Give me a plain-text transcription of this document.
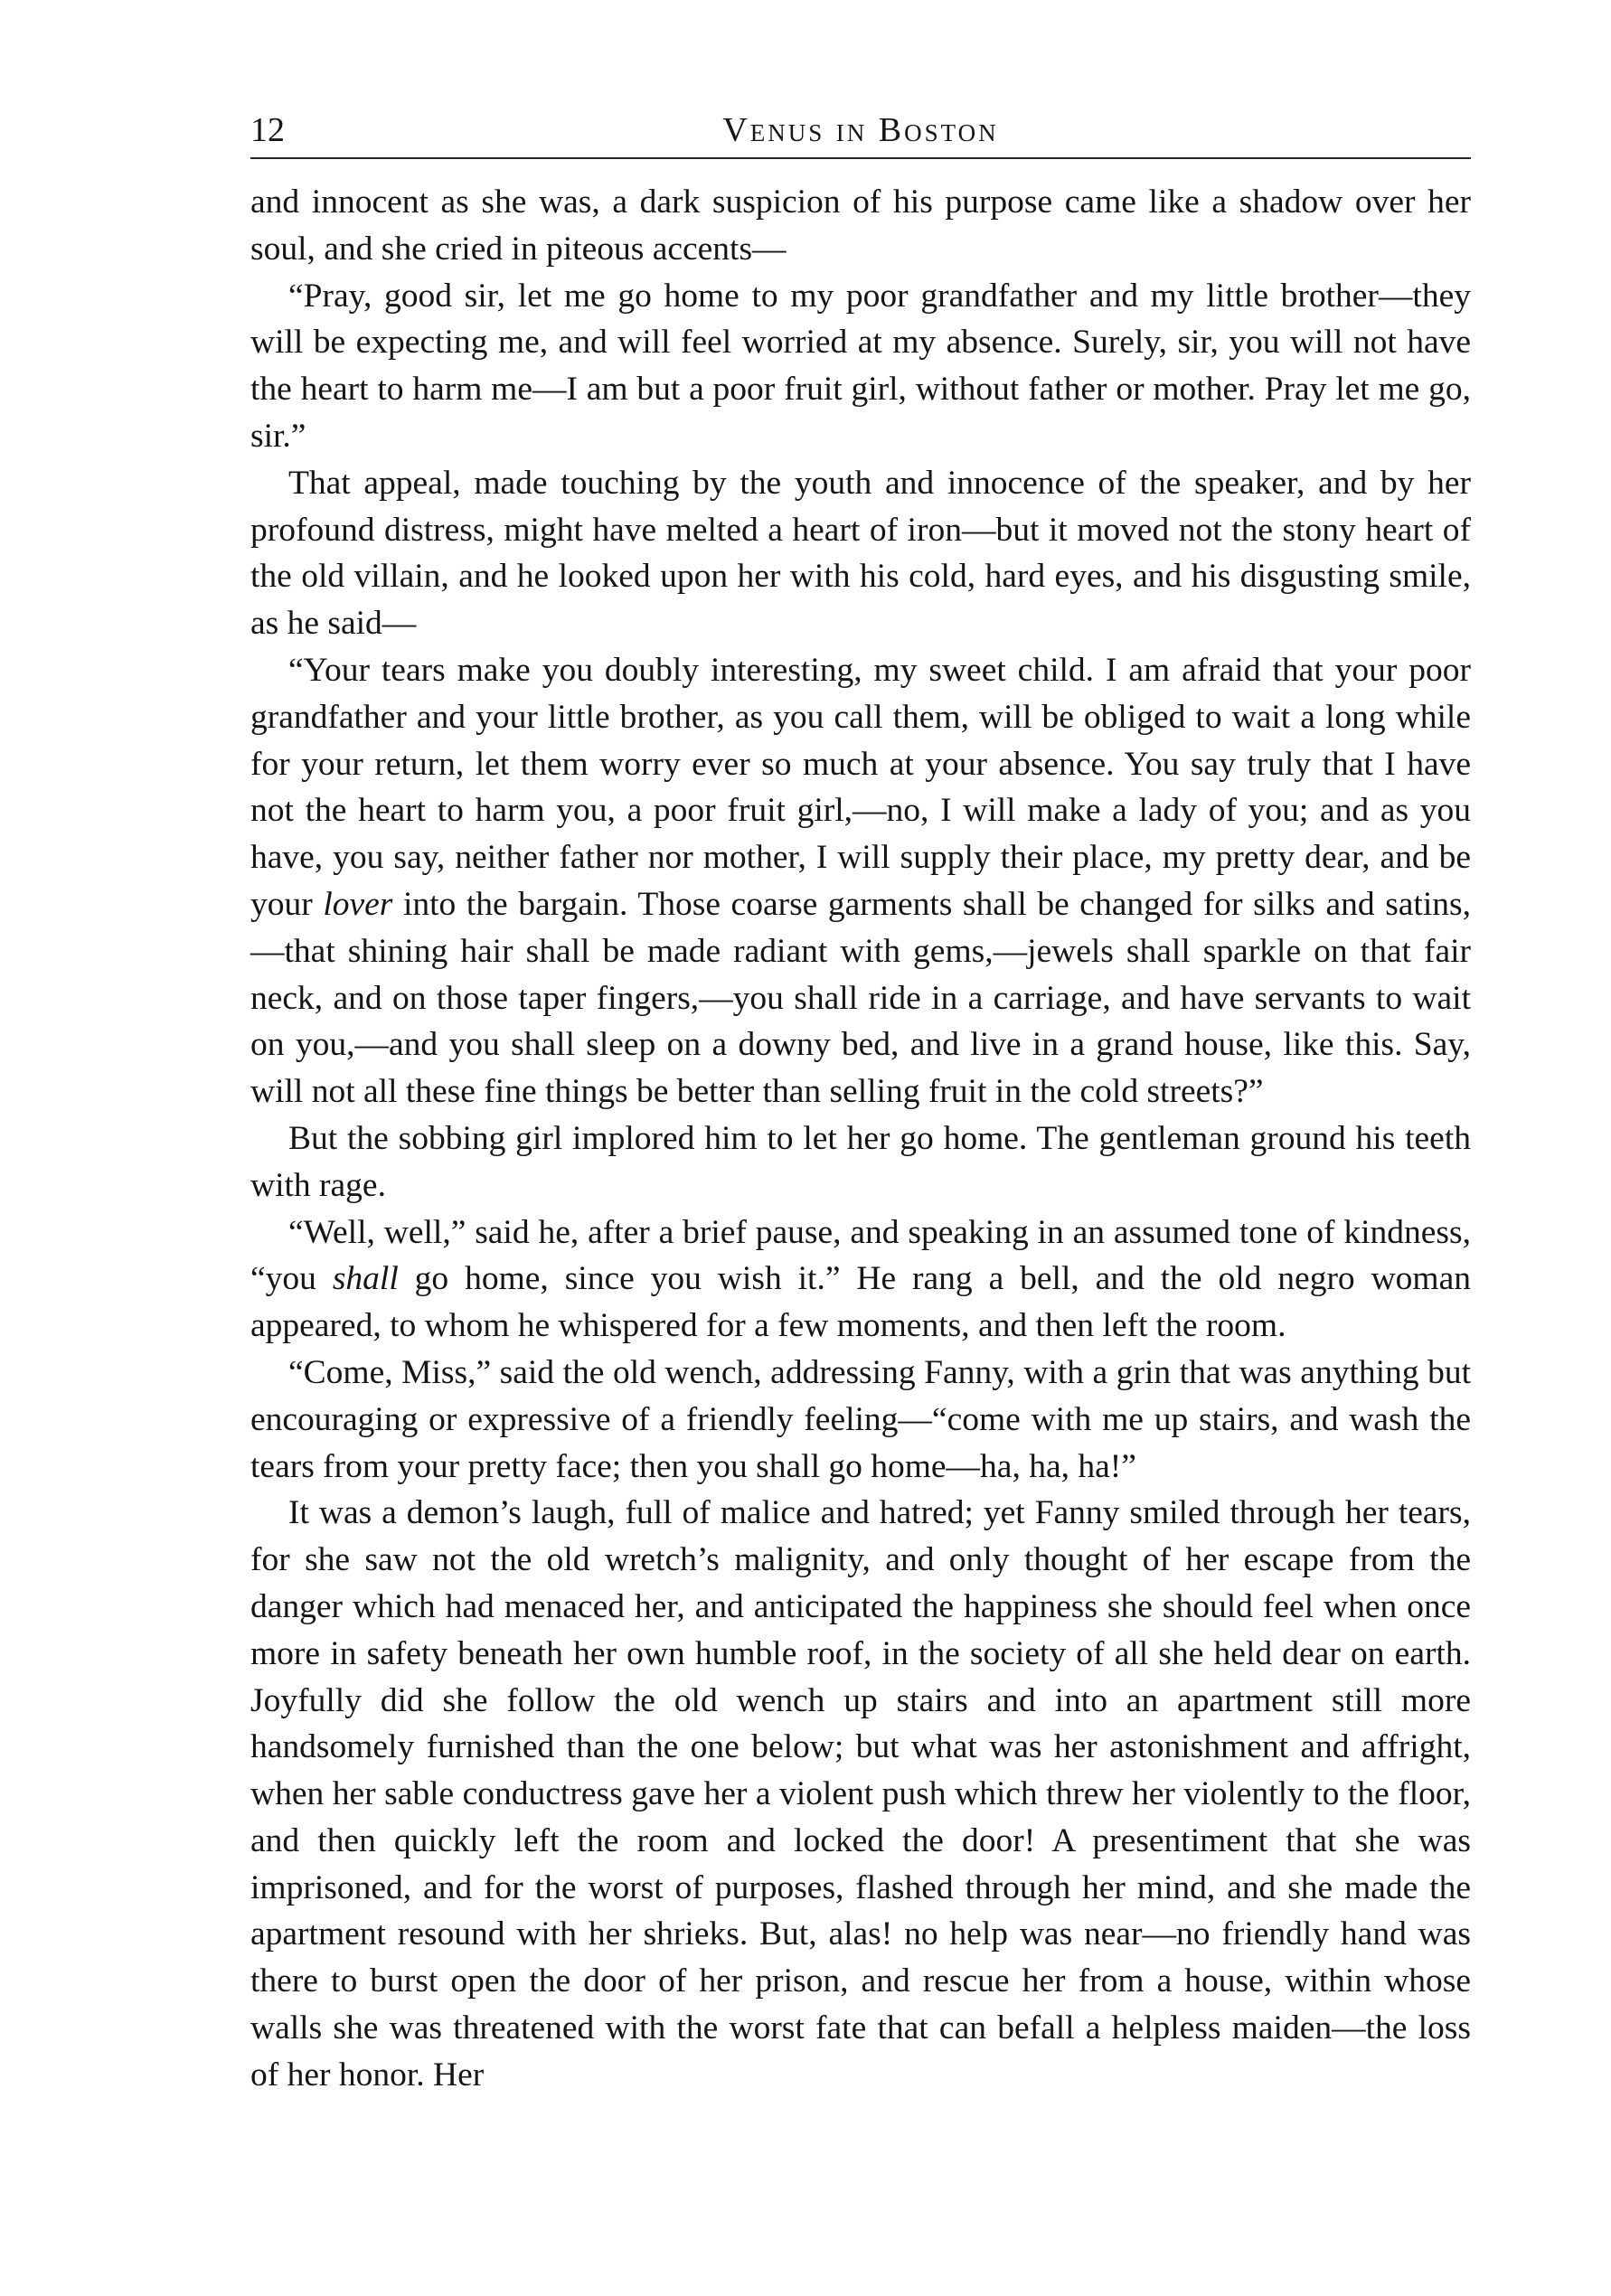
12	Venus in Boston

and innocent as she was, a dark suspicion of his purpose came like a shadow over her soul, and she cried in piteous accents—

“Pray, good sir, let me go home to my poor grandfather and my little brother—they will be expecting me, and will feel worried at my absence. Surely, sir, you will not have the heart to harm me—I am but a poor fruit girl, without father or mother. Pray let me go, sir.”

That appeal, made touching by the youth and innocence of the speaker, and by her profound distress, might have melted a heart of iron—but it moved not the stony heart of the old villain, and he looked upon her with his cold, hard eyes, and his disgusting smile, as he said—

“Your tears make you doubly interesting, my sweet child. I am afraid that your poor grandfather and your little brother, as you call them, will be obliged to wait a long while for your return, let them worry ever so much at your absence. You say truly that I have not the heart to harm you, a poor fruit girl,—no, I will make a lady of you; and as you have, you say, neither father nor mother, I will supply their place, my pretty dear, and be your lover into the bargain. Those coarse garments shall be changed for silks and satins,—that shining hair shall be made radiant with gems,—jewels shall sparkle on that fair neck, and on those taper fingers,—you shall ride in a carriage, and have servants to wait on you,—and you shall sleep on a downy bed, and live in a grand house, like this. Say, will not all these fine things be better than selling fruit in the cold streets?”

But the sobbing girl implored him to let her go home. The gentleman ground his teeth with rage.

“Well, well,” said he, after a brief pause, and speaking in an assumed tone of kindness, “you shall go home, since you wish it.” He rang a bell, and the old negro woman appeared, to whom he whispered for a few moments, and then left the room.

“Come, Miss,” said the old wench, addressing Fanny, with a grin that was anything but encouraging or expressive of a friendly feeling—“come with me up stairs, and wash the tears from your pretty face; then you shall go home—ha, ha, ha!”

It was a demon’s laugh, full of malice and hatred; yet Fanny smiled through her tears, for she saw not the old wretch’s malignity, and only thought of her escape from the danger which had menaced her, and anticipated the happiness she should feel when once more in safety beneath her own humble roof, in the society of all she held dear on earth. Joyfully did she follow the old wench up stairs and into an apartment still more handsomely furnished than the one below; but what was her astonishment and affright, when her sable conductress gave her a violent push which threw her violently to the floor, and then quickly left the room and locked the door! A presentiment that she was imprisoned, and for the worst of purposes, flashed through her mind, and she made the apartment resound with her shrieks. But, alas! no help was near—no friendly hand was there to burst open the door of her prison, and rescue her from a house, within whose walls she was threatened with the worst fate that can befall a helpless maiden—the loss of her honor. Her
